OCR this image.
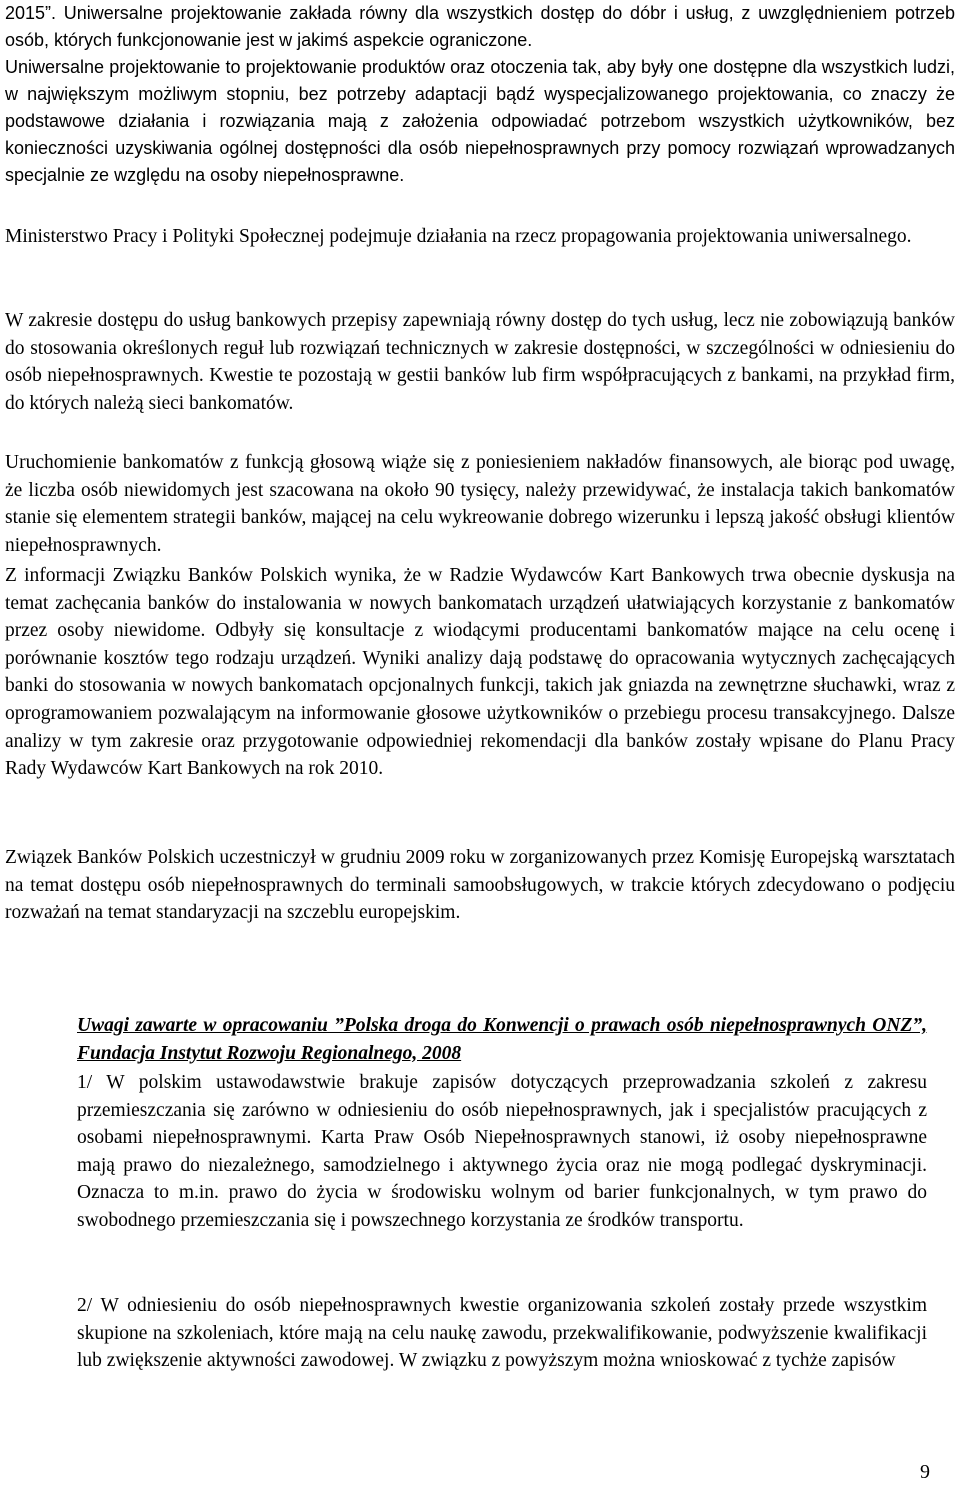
2015”. Uniwersalne projektowanie zakłada równy dla wszystkich dostęp do dóbr i usług, z uwzględnieniem potrzeb osób, których funkcjonowanie jest w jakimś aspekcie ograniczone.

Uniwersalne projektowanie to projektowanie produktów oraz otoczenia tak, aby były one dostępne dla wszystkich ludzi, w największym możliwym stopniu, bez potrzeby adaptacji bądź wyspecjalizowanego projektowania, co znaczy że podstawowe działania i rozwiązania mają z założenia odpowiadać potrzebom wszystkich użytkowników, bez konieczności uzyskiwania ogólnej dostępności dla osób niepełnosprawnych przy pomocy rozwiązań wprowadzanych specjalnie ze względu na osoby niepełnosprawne.

Ministerstwo Pracy i Polityki Społecznej podejmuje działania na rzecz propagowania projektowania uniwersalnego.

W zakresie dostępu do usług bankowych przepisy zapewniają równy dostęp do tych usług, lecz nie zobowiązują banków do stosowania określonych reguł lub rozwiązań technicznych w zakresie dostępności, w szczególności w odniesieniu do osób niepełnosprawnych. Kwestie te pozostają w gestii banków lub firm współpracujących z bankami, na przykład firm, do których należą sieci bankomatów.

Uruchomienie bankomatów z funkcją głosową wiąże się z poniesieniem nakładów finansowych, ale biorąc pod uwagę, że liczba osób niewidomych jest szacowana na około 90 tysięcy, należy przewidywać, że instalacja takich bankomatów stanie się elementem strategii banków, mającej na celu wykreowanie dobrego wizerunku i lepszą jakość obsługi klientów niepełnosprawnych.

Z informacji Związku Banków Polskich wynika, że w Radzie Wydawców Kart Bankowych trwa obecnie dyskusja na temat zachęcania banków do instalowania w nowych bankomatach urządzeń ułatwiających korzystanie z bankomatów przez osoby niewidome. Odbyły się konsultacje z wiodącymi producentami bankomatów mające na celu ocenę i porównanie kosztów tego rodzaju urządzeń. Wyniki analizy dają podstawę do opracowania wytycznych zachęcających banki do stosowania w nowych bankomatach opcjonalnych funkcji, takich jak gniazda na zewnętrzne słuchawki, wraz z oprogramowaniem pozwalającym na informowanie głosowe użytkowników o przebiegu procesu transakcyjnego. Dalsze analizy w tym zakresie oraz przygotowanie odpowiedniej rekomendacji dla banków zostały wpisane do Planu Pracy Rady Wydawców Kart Bankowych na rok 2010.

Związek Banków Polskich uczestniczył w grudniu 2009 roku w zorganizowanych przez Komisję Europejską warsztatach na temat dostępu osób niepełnosprawnych do terminali samoobsługowych, w trakcie których zdecydowano o podjęciu rozważań na temat standaryzacji na szczeblu europejskim.

Uwagi zawarte w opracowaniu ”Polska droga do Konwencji o prawach osób niepełnosprawnych ONZ”, Fundacja Instytut Rozwoju Regionalnego, 2008

1/ W polskim ustawodawstwie brakuje zapisów dotyczących przeprowadzania szkoleń z zakresu przemieszczania się zarówno w odniesieniu do osób niepełnosprawnych, jak i specjalistów pracujących z osobami niepełnosprawnymi. Karta Praw Osób Niepełnosprawnych stanowi, iż osoby niepełnosprawne mają prawo do niezależnego, samodzielnego i aktywnego życia oraz nie mogą podlegać dyskryminacji. Oznacza to m.in. prawo do życia w środowisku wolnym od barier funkcjonalnych, w tym prawo do swobodnego przemieszczania się i powszechnego korzystania ze środków transportu.

2/ W odniesieniu do osób niepełnosprawnych kwestie organizowania szkoleń zostały przede wszystkim skupione na szkoleniach, które mają na celu naukę zawodu, przekwalifikowanie, podwyższenie kwalifikacji lub zwiększenie aktywności zawodowej. W związku z powyższym można wnioskować z tychże zapisów

9
